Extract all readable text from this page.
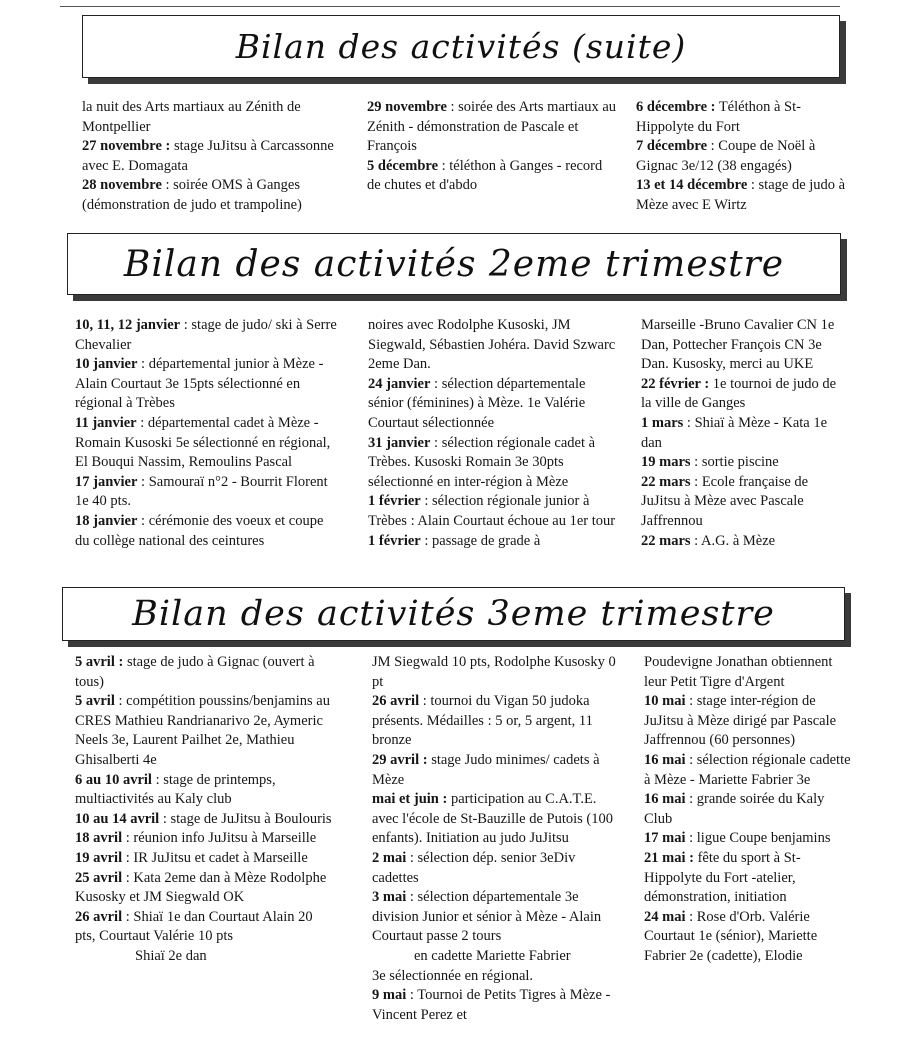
Bilan des activités (suite)

la nuit des Arts martiaux au Zénith de Montpellier

27 novembre : stage JuJitsu à Carcassonne avec E. Domagata

28 novembre : soirée OMS à Ganges (démonstration de judo et trampoline)

29 novembre : soirée des Arts martiaux au Zénith - démonstration de Pascale et François

5 décembre : téléthon à Ganges - record de chutes et d'abdo

6 décembre : Téléthon à St-Hippolyte du Fort

7 décembre : Coupe de Noël à Gignac 3e/12 (38 engagés)

13 et 14 décembre : stage de judo à Mèze avec E Wirtz

Bilan des activités 2eme trimestre

10, 11, 12 janvier : stage de judo/ ski à Serre Chevalier

10 janvier : départemental junior à Mèze -Alain Courtaut 3e 15pts sélectionné en régional à Trèbes

11 janvier : départemental cadet à Mèze - Romain Kusoski 5e sélectionné en régional, El Bouqui Nassim, Remoulins Pascal

17 janvier : Samouraï n°2 - Bourrit Florent 1e 40 pts.

18 janvier : cérémonie des voeux et coupe du collège national des ceintures

noires avec Rodolphe Kusoski, JM Siegwald, Sébastien Johéra. David Szwarc 2eme Dan.

24 janvier : sélection départementale sénior (féminines) à Mèze. 1e Valérie Courtaut sélectionnée

31 janvier : sélection régionale cadet à Trèbes. Kusoski Romain 3e 30pts sélectionné en inter-région à Mèze

1 février : sélection régionale junior à Trèbes : Alain Courtaut échoue au 1er tour

1 février : passage de grade à

Marseille -Bruno Cavalier CN 1e Dan, Pottecher François CN 3e Dan. Kusosky, merci au UKE

22 février : 1e tournoi de judo de la ville de Ganges

1 mars : Shiaï à Mèze - Kata 1e dan

19 mars : sortie piscine

22 mars : Ecole française de JuJitsu à Mèze avec Pascale Jaffrennou

22 mars : A.G. à Mèze

Bilan des activités 3eme trimestre

5 avril : stage de judo à Gignac (ouvert à tous)

5 avril : compétition poussins/benjamins au CRES Mathieu Randrianarivo 2e, Aymeric Neels 3e, Laurent Pailhet 2e, Mathieu Ghisalberti 4e

6 au 10 avril : stage de printemps, multiactivités au Kaly club

10 au 14 avril : stage de JuJitsu à Boulouris

18 avril : réunion info JuJitsu à Marseille

19 avril : IR JuJitsu et cadet à Marseille

25 avril : Kata 2eme dan à Mèze Rodolphe Kusosky et JM Siegwald OK

26 avril : Shiaï 1e dan Courtaut Alain 20 pts, Courtaut Valérie 10 pts

Shiaï 2e dan

JM Siegwald 10 pts, Rodolphe Kusosky 0 pt

26 avril : tournoi du Vigan 50 judoka présents. Médailles : 5 or, 5 argent, 11 bronze

29 avril : stage Judo minimes/ cadets à Mèze

mai et juin : participation au C.A.T.E. avec l'école de St-Bauzille de Putois (100 enfants). Initiation au judo JuJitsu

2 mai : sélection dép. senior 3eDiv cadettes

3 mai : sélection départementale 3e division Junior et sénior à Mèze - Alain Courtaut passe 2 tours

en cadette Mariette Fabrier

3e sélectionnée en régional.

9 mai : Tournoi de Petits Tigres à Mèze - Vincent Perez et

Poudevigne Jonathan obtiennent leur Petit Tigre d'Argent

10 mai : stage inter-région de JuJitsu à Mèze dirigé par Pascale Jaffrennou (60 personnes)

16 mai : sélection régionale cadette à Mèze - Mariette Fabrier 3e

16 mai : grande soirée du Kaly Club

17 mai : ligue Coupe benjamins

21 mai : fête du sport à St-Hippolyte du Fort -atelier, démonstration, initiation

24 mai : Rose d'Orb. Valérie Courtaut 1e (sénior), Mariette Fabrier 2e (cadette), Elodie
